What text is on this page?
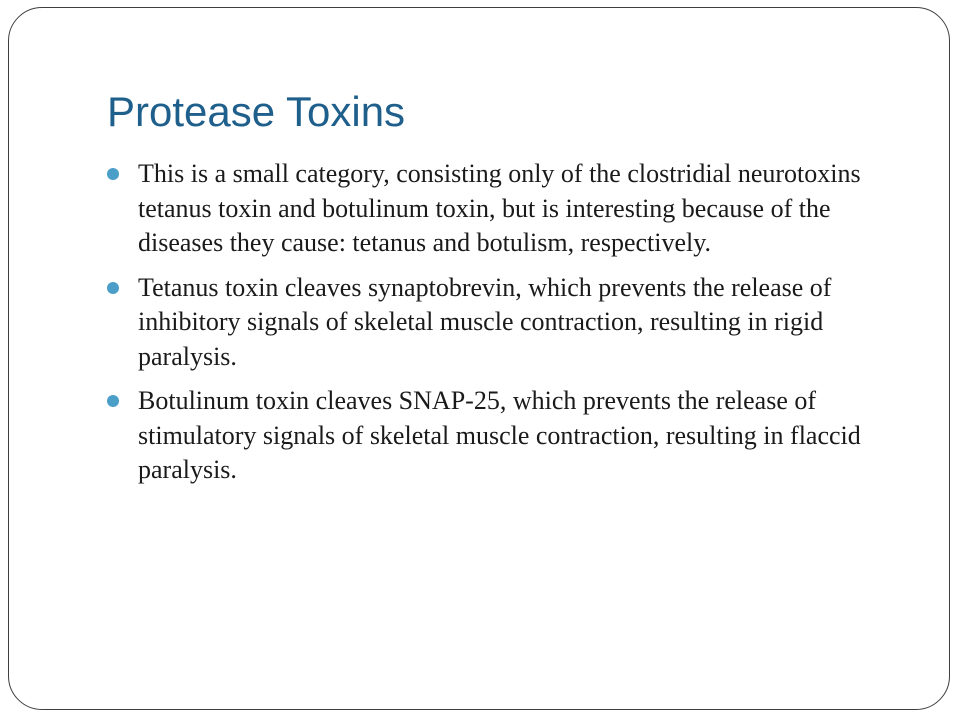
Protease Toxins
This is a small category, consisting only of the clostridial neurotoxins tetanus toxin and botulinum toxin, but is interesting because of the diseases they cause: tetanus and botulism, respectively.
Tetanus toxin cleaves synaptobrevin, which prevents the release of inhibitory signals of skeletal muscle contraction, resulting in rigid paralysis.
Botulinum toxin cleaves SNAP-25, which prevents the release of stimulatory signals of skeletal muscle contraction, resulting in flaccid paralysis.
